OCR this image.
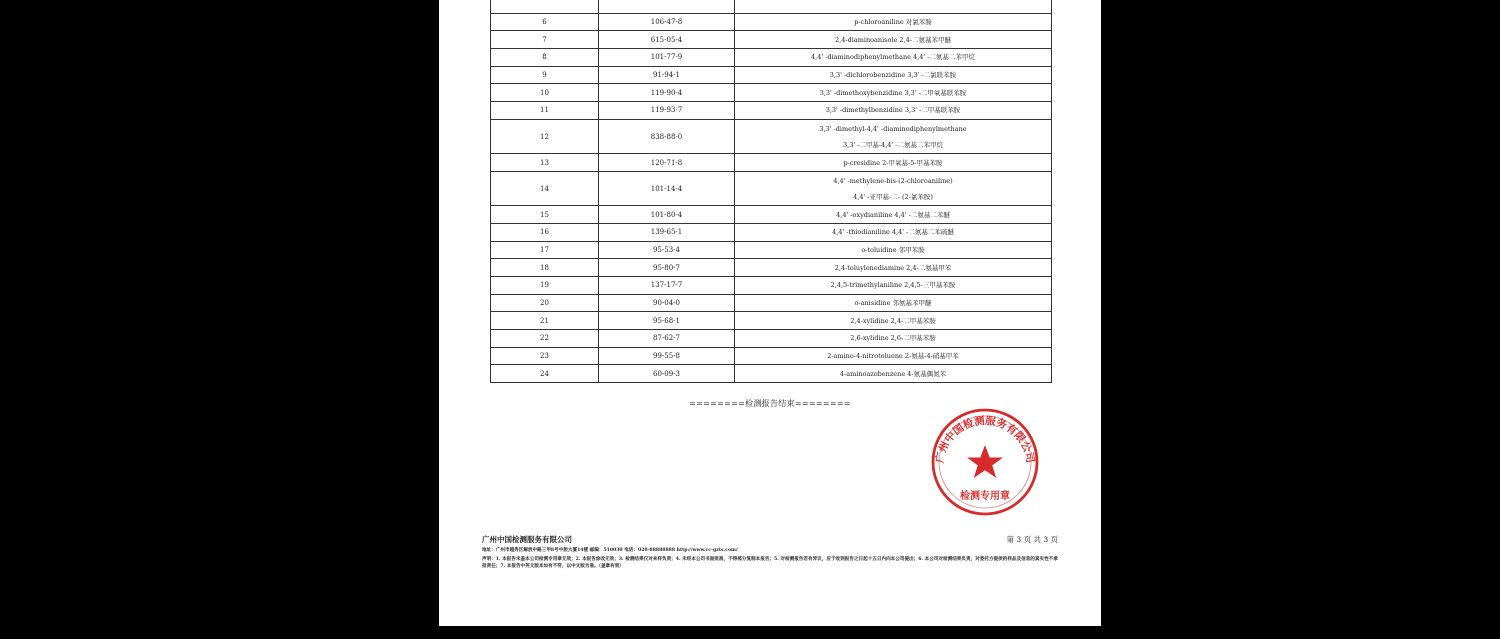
6	106-47-8	p-chloroaniline 对氯苯胺

7	615-05-4	2,4-diaminoanisole 2,4-二氨基苯甲醚

8	101-77-9	4,4' -diaminodiphenylmethane 4,4' -二氨基二苯甲烷

9	91-94-1	3,3' -dichlorobenzidine 3,3' -二氯联苯胺

10	119-90-4	3,3' -dimethoxybenzidine 3,3' -二甲氧基联苯胺

11	119-93-7	3,3' -dimethylbenzidine 3,3' -二甲基联苯胺

12	838-88-0	3,3' -dimethyl-4,4' -diaminodiphenylmethane
3,3' -二甲基-4,4' -二氨基二苯甲烷

13	120-71-8	p-cresidine 2-甲氧基-5-甲基苯胺

14	101-14-4	4,4' -methylene-bis-(2-chloroaniline)
4,4' -亚甲基-二- (2-氯苯胺)

15	101-80-4	4,4' -oxydianiline 4,4' -二氨基二苯醚

16	139-65-1	4,4' -thiodianiline 4,4' -二氨基二苯硫醚

17	95-53-4	o-toluidine 邻甲苯胺

18	95-80-7	2,4-toluylenediamine 2,4-二氨基甲苯

19	137-17-7	2,4,5-trimethylaniline 2,4,5-三甲基苯胺

20	90-04-0	o-anisidine 邻氨基苯甲醚

21	95-68-1	2,4-xylidine 2,4-二甲基苯胺

22	87-62-7	2,6-xylidine 2,6-二甲基苯胺

23	99-55-8	2-amino-4-nitrotoluene 2-氨基-4-硝基甲苯

24	60-09-3	4-aminoazobenzene 4-氨基偶氮苯
========检测报告结束========
广州中国检测服务有限公司
检测专用章
广州中国检测服务有限公司	第 3 页 共 3 页
地址：广州市越秀区解放中路三甲8号中旅大厦14楼 邮编：510030 电话：020-88888888 http://www.cc-gzts.com/
声明：1. 本报告未盖本公司检测专用章无效；2. 本报告涂改无效；3. 检测结果仅对来样负责；4. 未经本公司书面批准，不得部分复制本报告；5. 对检测报告若有异议，应于收到报告之日起十五日内向本公司提出；6. 本公司对检测结果负责，对委托方提供的样品及信息的真实性不承担责任；7. 本报告中英文版本如有不符，以中文版为准。（盖章有效）
